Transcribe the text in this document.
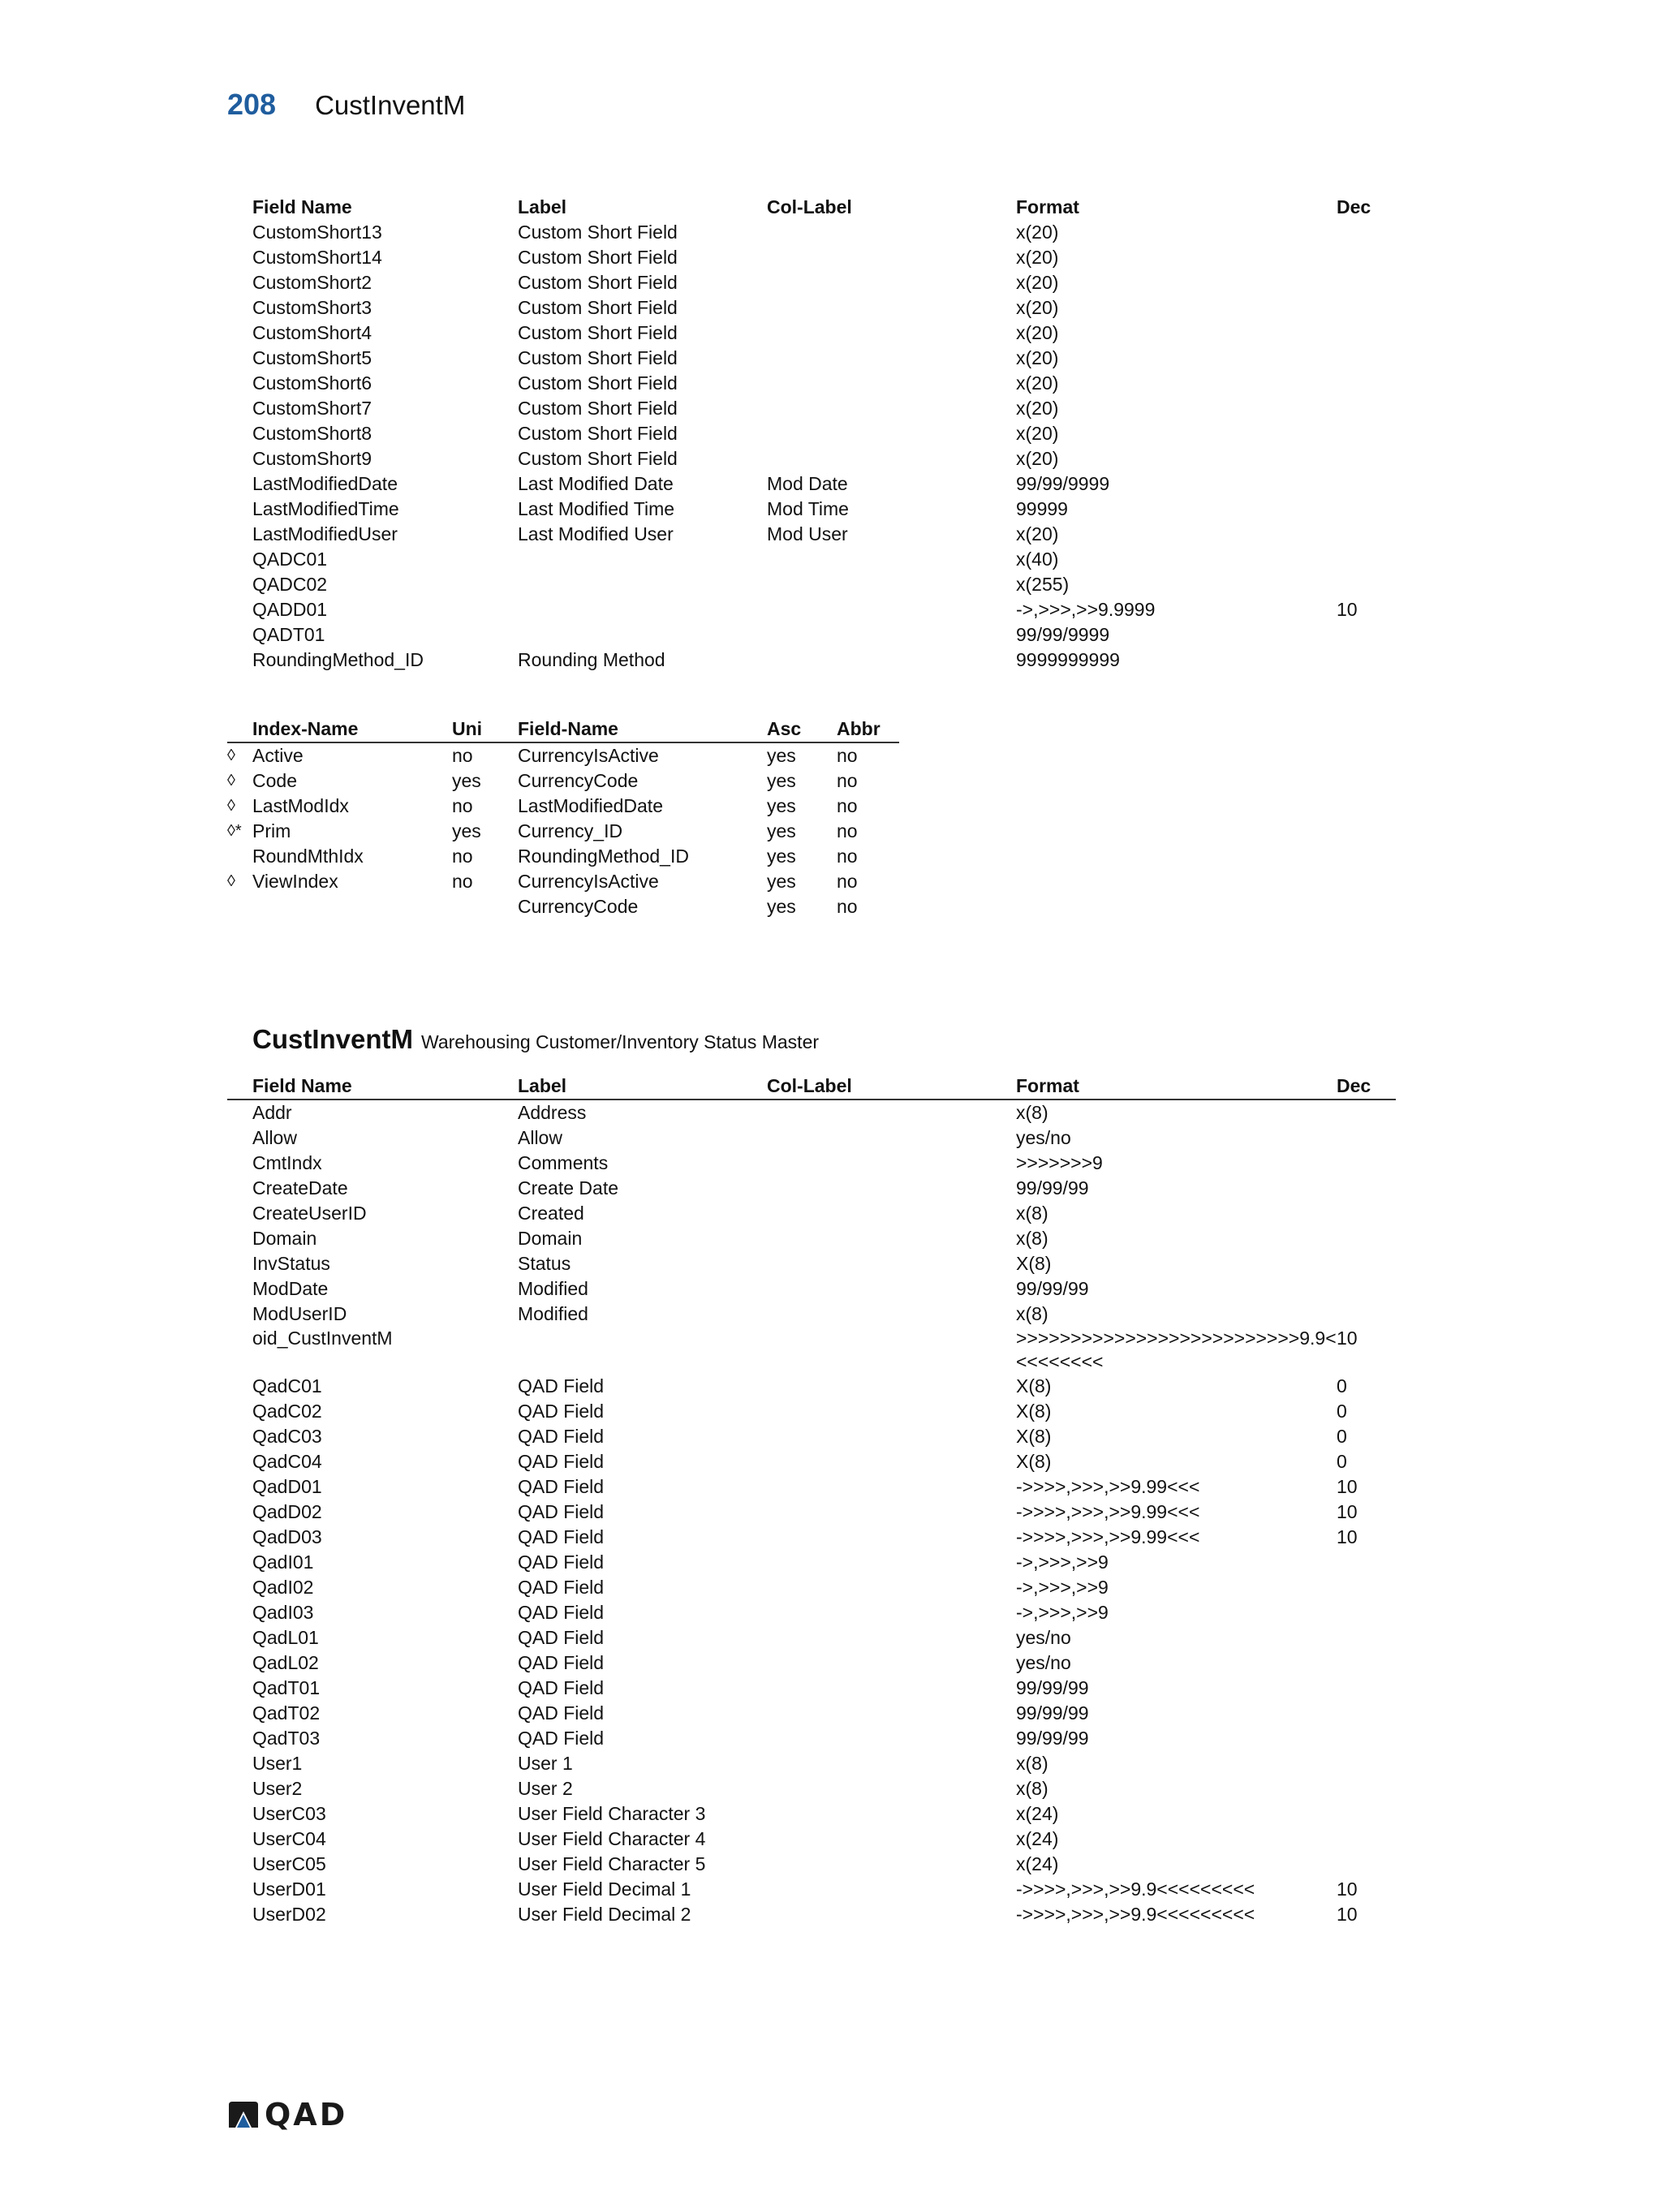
208 CustInventM
	Field Name	Label	Col-Label	Format	Dec
	CustomShort13	Custom Short Field		x(20)	
	CustomShort14	Custom Short Field		x(20)	
	CustomShort2	Custom Short Field		x(20)	
	CustomShort3	Custom Short Field		x(20)	
	CustomShort4	Custom Short Field		x(20)	
	CustomShort5	Custom Short Field		x(20)	
	CustomShort6	Custom Short Field		x(20)	
	CustomShort7	Custom Short Field		x(20)	
	CustomShort8	Custom Short Field		x(20)	
	CustomShort9	Custom Short Field		x(20)	
	LastModifiedDate	Last Modified Date	Mod Date	99/99/9999	
	LastModifiedTime	Last Modified Time	Mod Time	99999	
	LastModifiedUser	Last Modified User	Mod User	x(20)	
	QADC01			x(40)	
	QADC02			x(255)	
	QADD01			->,>>>,>>9.9999	10
	QADT01			99/99/9999	
	RoundingMethod_ID	Rounding Method		9999999999	
	Index-Name	Uni	Field-Name	Asc	Abbr
◊	Active	no	CurrencyIsActive	yes	no
◊	Code	yes	CurrencyCode	yes	no
◊	LastModIdx	no	LastModifiedDate	yes	no
◊*	Prim	yes	Currency_ID	yes	no
	RoundMthIdx	no	RoundingMethod_ID	yes	no
◊	ViewIndex	no	CurrencyIsActive	yes	no
			CurrencyCode	yes	no
CustInventM Warehousing Customer/Inventory Status Master
	Field Name	Label	Col-Label	Format	Dec
	Addr	Address		x(8)	
	Allow	Allow		yes/no	
	CmtIndx	Comments		>>>>>>>9	
	CreateDate	Create Date		99/99/99	
	CreateUserID	Created		x(8)	
	Domain	Domain		x(8)	
	InvStatus	Status		X(8)	
	ModDate	Modified		99/99/99	
	ModUserID	Modified		x(8)	
	oid_CustInventM			>>>>>>>>>>>>>>>>>>>>>>>>>>9.9<<<<<<<<<	10
	QadC01	QAD Field		X(8)	0
	QadC02	QAD Field		X(8)	0
	QadC03	QAD Field		X(8)	0
	QadC04	QAD Field		X(8)	0
	QadD01	QAD Field		->>>>,>>>,>>9.99<<<	10
	QadD02	QAD Field		->>>>,>>>,>>9.99<<<	10
	QadD03	QAD Field		->>>>,>>>,>>9.99<<<	10
	QadI01	QAD Field		->,>>>,>>9	
	QadI02	QAD Field		->,>>>,>>9	
	QadI03	QAD Field		->,>>>,>>9	
	QadL01	QAD Field		yes/no	
	QadL02	QAD Field		yes/no	
	QadT01	QAD Field		99/99/99	
	QadT02	QAD Field		99/99/99	
	QadT03	QAD Field		99/99/99	
	User1	User 1		x(8)	
	User2	User 2		x(8)	
	UserC03	User Field Character 3		x(24)	
	UserC04	User Field Character 4		x(24)	
	UserC05	User Field Character 5		x(24)	
	UserD01	User Field Decimal 1		->>>>,>>>,>>9.9<<<<<<<<<	10
	UserD02	User Field Decimal 2		->>>>,>>>,>>9.9<<<<<<<<<	10
QAD
